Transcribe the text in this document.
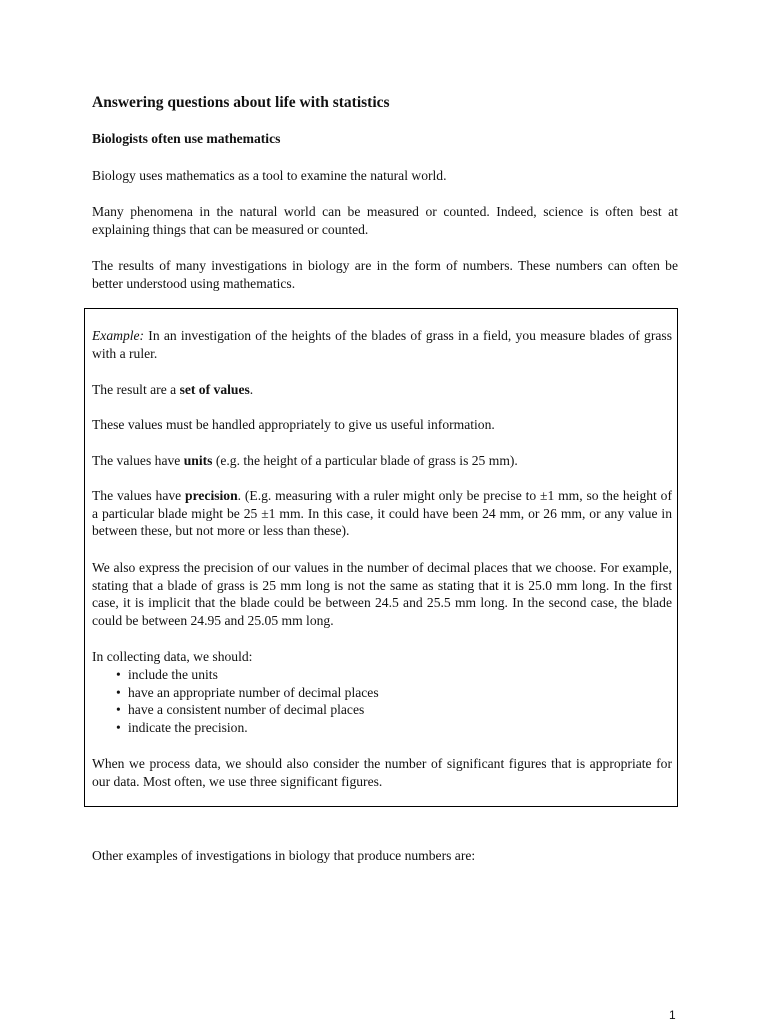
Answering questions about life with statistics
Biologists often use mathematics

Biology uses mathematics as a tool to examine the natural world.

Many phenomena in the natural world can be measured or counted. Indeed, science is often best at explaining things that can be measured or counted.

The results of many investigations in biology are in the form of numbers. These numbers can often be better understood using mathematics.

Other examples of investigations in biology that produce numbers are:

Example: In an investigation of the heights of the blades of grass in a field, you measure blades of grass with a ruler.

The result are a set of values.

These values must be handled appropriately to give us useful information.

The values have units (e.g. the height of a particular blade of grass is 25 mm).

The values have precision. (E.g. measuring with a ruler might only be precise to ±1 mm, so the height of a particular blade might be 25 ±1 mm. In this case, it could have been 24 mm, or 26 mm, or any value in between these, but not more or less than these).

We also express the precision of our values in the number of decimal places that we choose. For example, stating that a blade of grass is 25 mm long is not the same as stating that it is 25.0 mm long. In the first case, it is implicit that the blade could be between 24.5 and 25.5 mm long. In the second case, the blade could be between 24.95 and 25.05 mm long.

In collecting data, we should:

• include the units
• have an appropriate number of decimal places
• have a consistent number of decimal places
• indicate the precision.

When we process data, we should also consider the number of significant figures that is appropriate for our data. Most often, we use three significant figures.

1
